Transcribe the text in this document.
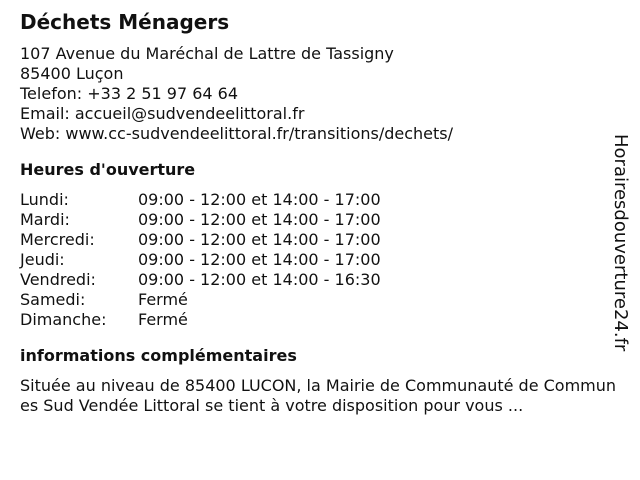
Déchets Ménagers
107 Avenue du Maréchal de Lattre de Tassigny
85400 Luçon
Telefon: +33 2 51 97 64 64
Email: accueil@sudvendeelittoral.fr
Web: www.cc-sudvendeelittoral.fr/transitions/dechets/
Heures d'ouverture
Lundi:	09:00 - 12:00 et 14:00 - 17:00
Mardi:	09:00 - 12:00 et 14:00 - 17:00
Mercredi:	09:00 - 12:00 et 14:00 - 17:00
Jeudi:	09:00 - 12:00 et 14:00 - 17:00
Vendredi:	09:00 - 12:00 et 14:00 - 16:30
Samedi:	Fermé
Dimanche:	Fermé
informations complémentaires
Située au niveau de 85400 LUCON, la Mairie de Communauté de Communes Sud Vendée Littoral se tient à votre disposition pour vous ...
Horairesdouverture24.fr
